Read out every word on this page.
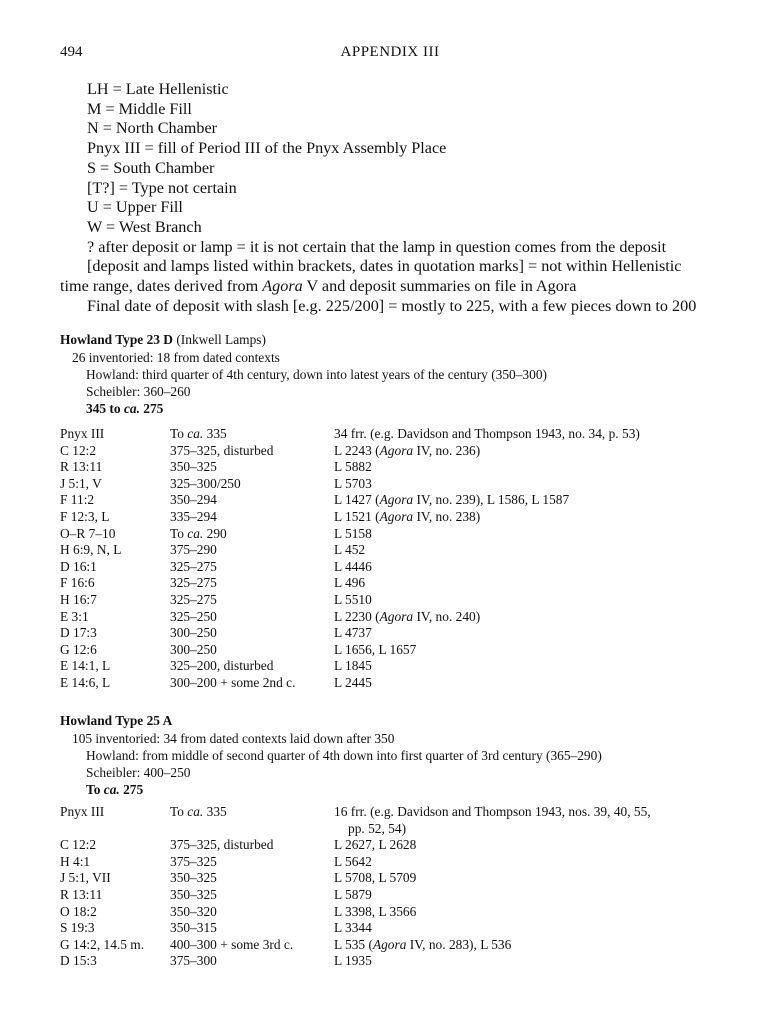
494	APPENDIX III
LH = Late Hellenistic
M = Middle Fill
N = North Chamber
Pnyx III = fill of Period III of the Pnyx Assembly Place
S = South Chamber
[T?] = Type not certain
U = Upper Fill
W = West Branch
? after deposit or lamp = it is not certain that the lamp in question comes from the deposit
[deposit and lamps listed within brackets, dates in quotation marks] = not within Hellenistic
time range, dates derived from Agora V and deposit summaries on file in Agora
Final date of deposit with slash [e.g. 225/200] = mostly to 225, with a few pieces down to 200
Howland Type 23 D (Inkwell Lamps)
26 inventoried: 18 from dated contexts
Howland: third quarter of 4th century, down into latest years of the century (350–300)
Scheibler: 360–260
345 to ca. 275
Pnyx III	To ca. 335	34 frr. (e.g. Davidson and Thompson 1943, no. 34, p. 53)
C 12:2	375–325, disturbed	L 2243 (Agora IV, no. 236)
R 13:11	350–325	L 5882
J 5:1, V	325–300/250	L 5703
F 11:2	350–294	L 1427 (Agora IV, no. 239), L 1586, L 1587
F 12:3, L	335–294	L 1521 (Agora IV, no. 238)
O–R 7–10	To ca. 290	L 5158
H 6:9, N, L	375–290	L 452
D 16:1	325–275	L 4446
F 16:6	325–275	L 496
H 16:7	325–275	L 5510
E 3:1	325–250	L 2230 (Agora IV, no. 240)
D 17:3	300–250	L 4737
G 12:6	300–250	L 1656, L 1657
E 14:1, L	325–200, disturbed	L 1845
E 14:6, L	300–200 + some 2nd c.	L 2445
Howland Type 25 A
105 inventoried: 34 from dated contexts laid down after 350
Howland: from middle of second quarter of 4th down into first quarter of 3rd century (365–290)
Scheibler: 400–250
To ca. 275
Pnyx III	To ca. 335	16 frr. (e.g. Davidson and Thompson 1943, nos. 39, 40, 55,
pp. 52, 54)

C 12:2	375–325, disturbed	L 2627, L 2628
H 4:1	375–325	L 5642
J 5:1, VII	350–325	L 5708, L 5709
R 13:11	350–325	L 5879
O 18:2	350–320	L 3398, L 3566
S 19:3	350–315	L 3344
G 14:2, 14.5 m.	400–300 + some 3rd c.	L 535 (Agora IV, no. 283), L 536
D 15:3	375–300	L 1935
